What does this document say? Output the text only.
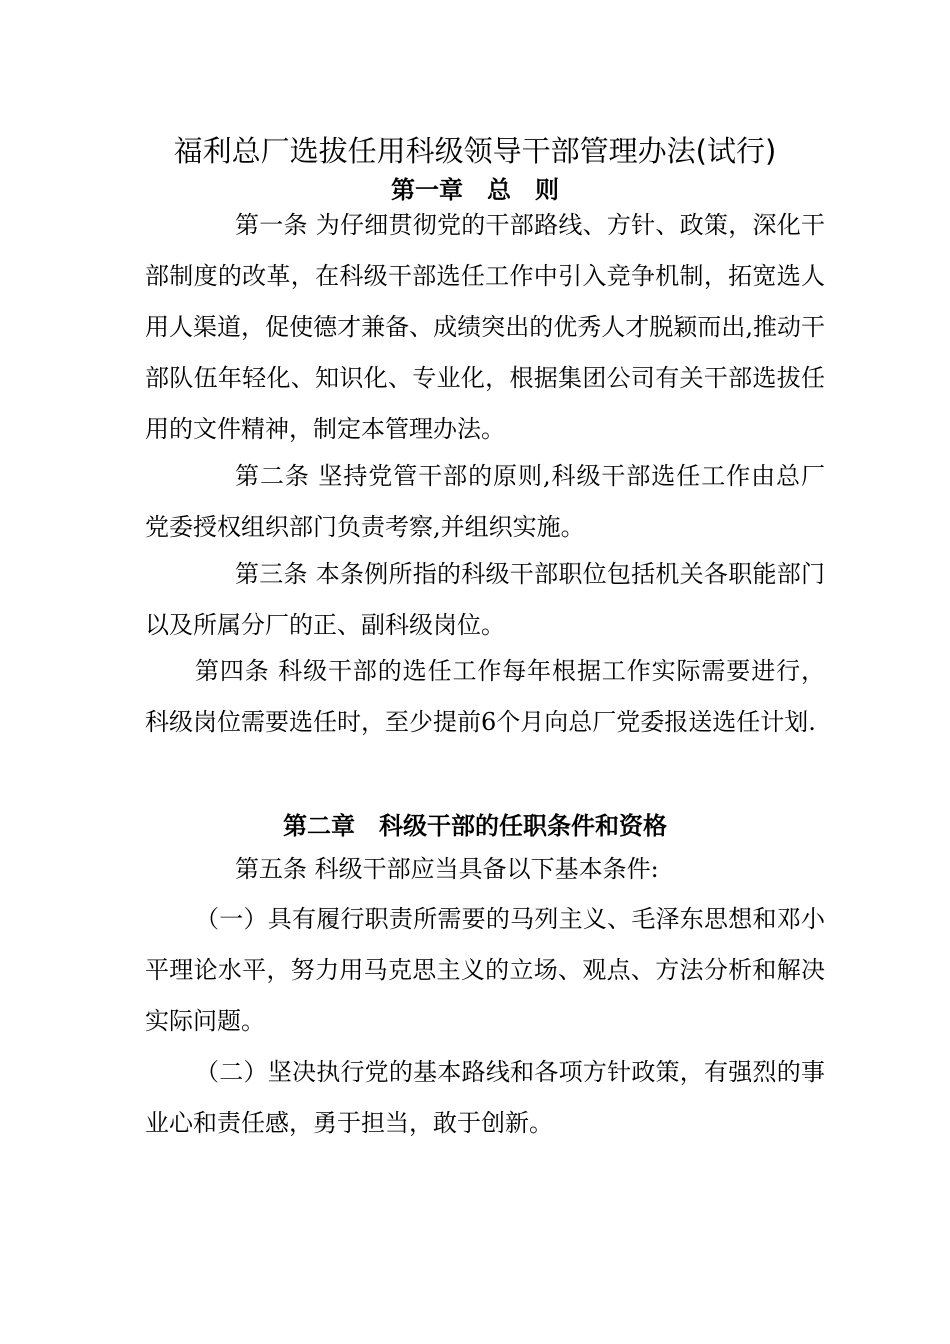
福利总厂选拔任用科级领导干部管理办法(试行)
第一章　总　则

第一条 为仔细贯彻党的干部路线、方针、政策，深化干部制度的改革，在科级干部选任工作中引入竞争机制，拓宽选人用人渠道，促使德才兼备、成绩突出的优秀人才脱颖而出,推动干部队伍年轻化、知识化、专业化，根据集团公司有关干部选拔任用的文件精神，制定本管理办法。

第二条 坚持党管干部的原则,科级干部选任工作由总厂党委授权组织部门负责考察,并组织实施。

第三条 本条例所指的科级干部职位包括机关各职能部门以及所属分厂的正、副科级岗位。

第四条 科级干部的选任工作每年根据工作实际需要进行，科级岗位需要选任时，至少提前6个月向总厂党委报送选任计划.

第二章　科级干部的任职条件和资格

第五条 科级干部应当具备以下基本条件:

（一）具有履行职责所需要的马列主义、毛泽东思想和邓小平理论水平，努力用马克思主义的立场、观点、方法分析和解决实际问题。

（二）坚决执行党的基本路线和各项方针政策，有强烈的事业心和责任感，勇于担当，敢于创新。
